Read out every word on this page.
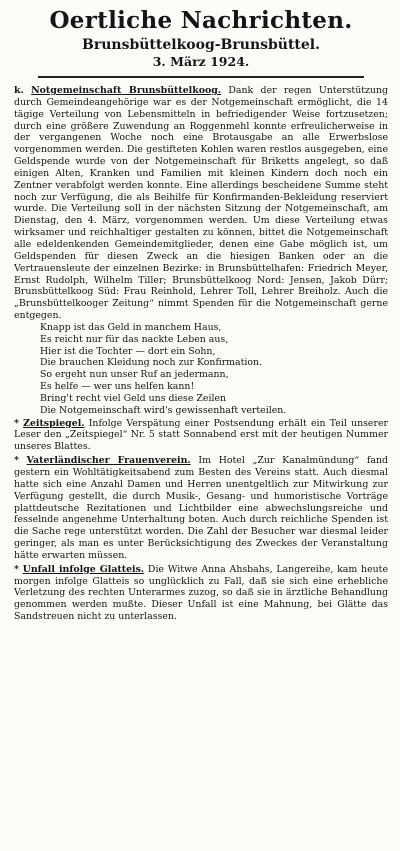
Oertliche Nachrichten.
Brunsbüttelkoog-Brunsbüttel.
3. März 1924.

k. Notgemeinschaft Brunsbüttelkoog. Dank der regen Unterstützung durch Gemeindeangehörige war es der Notgemeinschaft ermöglicht, die 14 tägige Verteilung von Lebensmitteln in befriedigender Weise fortzusetzen; durch eine größere Zuwendung an Roggenmehl konnte erfreulicherweise in der vergangenen Woche noch eine Brotausgabe an alle Erwerbslose vorgenommen werden. Die gestifteten Kohlen waren restlos ausgegeben, eine Geldspende wurde von der Notgemeinschaft für Briketts angelegt, so daß einigen Alten, Kranken und Familien mit kleinen Kindern doch noch ein Zentner verabfolgt werden konnte. Eine allerdings bescheidene Summe steht noch zur Verfügung, die als Beihilfe für Konfirmanden-Bekleidung reserviert wurde. Die Verteilung soll in der nächsten Sitzung der Notgemeinschaft, am Dienstag, den 4. März, vorgenommen werden. Um diese Verteilung etwas wirksamer und reichhaltiger gestalten zu können, bittet die Notgemeinschaft alle edeldenkenden Gemeindemitglieder, denen eine Gabe möglich ist, um Geldspenden für diesen Zweck an die hiesigen Banken oder an die Vertrauensleute der einzelnen Bezirke: in Brunsbüttelhafen: Friedrich Meyer, Ernst Rudolph, Wilhelm Tiller; Brunsbüttelkoog Nord: Jensen, Jakob Dürr; Brunsbüttelkoog Süd: Frau Reinhold, Lehrer Toll, Lehrer Breiholz. Auch die „Brunsbüttelkooger Zeitung“ nimmt Spenden für die Notgemeinschaft gerne entgegen.

Knapp ist das Geld in manchem Haus,
Es reicht nur für das nackte Leben aus,
Hier ist die Tochter — dort ein Sohn,
Die brauchen Kleidung noch zur Konfirmation.
So ergeht nun unser Ruf an jedermann,
Es helfe — wer uns helfen kann!
Bring't recht viel Geld uns diese Zeilen
Die Notgemeinschaft wird's gewissenhaft verteilen.

* Zeitspiegel. Infolge Verspätung einer Postsendung erhält ein Teil unserer Leser den „Zeitspiegel“ Nr. 5 statt Sonnabend erst mit der heutigen Nummer unseres Blattes.

* Vaterländischer Frauenverein. Im Hotel „Zur Kanalmündung“ fand gestern ein Wohltätigkeitsabend zum Besten des Vereins statt. Auch diesmal hatte sich eine Anzahl Damen und Herren unentgeltlich zur Mitwirkung zur Verfügung gestellt, die durch Musik-, Gesang- und humoristische Vorträge plattdeutsche Rezitationen und Lichtbilder eine abwechslungsreiche und fesselnde angenehme Unterhaltung boten. Auch durch reichliche Spenden ist die Sache rege unterstützt worden. Die Zahl der Besucher war diesmal leider geringer, als man es unter Berücksichtigung des Zweckes der Veranstaltung hätte erwarten müssen.

* Unfall infolge Glatteis. Die Witwe Anna Ahsbahs, Langereihe, kam heute morgen infolge Glatteis so unglücklich zu Fall, daß sie sich eine erhebliche Verletzung des rechten Unterarmes zuzog, so daß sie in ärztliche Behandlung genommen werden mußte. Dieser Unfall ist eine Mahnung, bei Glätte das Sandstreuen nicht zu unterlassen.
